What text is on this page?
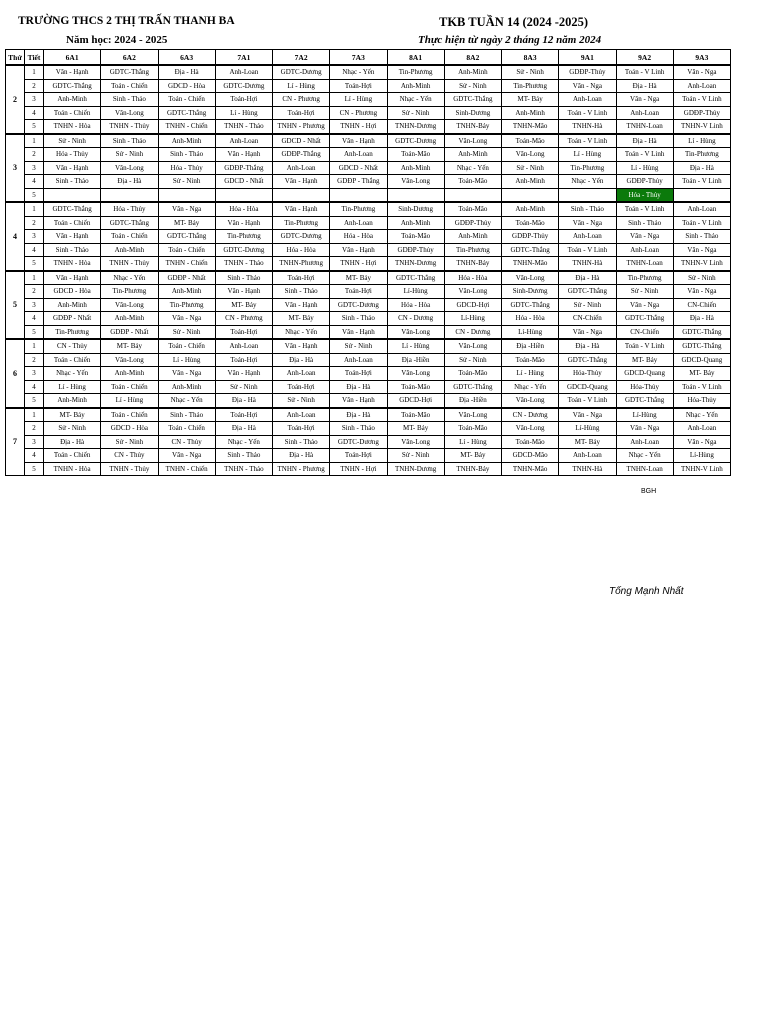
TRƯỜNG THCS 2 THỊ TRẤN THANH BA	TKB TUẦN 14 (2024 -2025)
Năm học: 2024 - 2025	Thực hiện từ ngày 2 tháng 12 năm 2024
Thứ	Tiết	6A1	6A2	6A3	7A1	7A2	7A3	8A1	8A2	8A3	9A1	9A2	9A3
2	1	Văn - Hạnh	GDTC-Thắng	Địa - Hà	Anh-Loan	GDTC-Dương	Nhạc - Yến	Tin-Phương	Anh-Minh	Sử - Ninh	GDĐP-Thủy	Toán - V Linh	Văn - Nga
	2	GDTC-Thắng	Toán - Chiến	GDCD - Hòa	GDTC-Dương	Lí - Hùng	Toán-Hợi	Anh-Minh	Sử - Ninh	Tin-Phương	Văn - Nga	Địa - Hà	Anh-Loan
	3	Anh-Minh	Sinh - Thảo	Toán - Chiến	Toán-Hợi	CN - Phương	Lí - Hùng	Nhạc - Yến	GDTC-Thắng	MT- Bảy	Anh-Loan	Văn - Nga	Toán - V Linh
	4	Toán - Chiến	Văn-Long	GDTC-Thắng	Lí - Hùng	Toán-Hợi	CN - Phương	Sử - Ninh	Sinh-Dương	Anh-Minh	Toán - V Linh	Anh-Loan	GDĐP-Thủy
	5	TNHN - Hòa	TNHN - Thủy	TNHN - Chiến	TNHN - Thảo	TNHN - Phương	TNHN - Hợi	TNHN-Dương	TNHN-Bảy	TNHN-Mão	TNHN-Hà	TNHN-Loan	TNHN-V Linh
3	1	Sử - Ninh	Sinh - Thảo	Anh-Minh	Anh-Loan	GDCD - Nhất	Văn - Hạnh	GDTC-Dương	Văn-Long	Toán-Mão	Toán - V Linh	Địa - Hà	Lí - Hùng
	2	Hóa - Thủy	Sử - Ninh	Sinh - Thảo	Văn - Hạnh	GDĐP-Thắng	Anh-Loan	Toán-Mão	Anh-Minh	Văn-Long	Lí - Hùng	Toán - V Linh	Tin-Phương
	3	Văn - Hạnh	Văn-Long	Hóa - Thủy	GDĐP-Thắng	Anh-Loan	GDCD - Nhất	Anh-Minh	Nhạc - Yến	Sử - Ninh	Tin-Phương	Lí - Hùng	Địa - Hà
	4	Sinh - Thảo	Địa - Hà	Sử - Ninh	GDCD - Nhất	Văn - Hạnh	GDĐP - Thắng	Văn-Long	Toán-Mão	Anh-Minh	Nhạc - Yến	GDĐP-Thủy	Toán - V Linh
	5											Hóa - Thủy	
4	1	GDTC-Thắng	Hóa - Thủy	Văn - Nga	Hóa - Hòa	Văn - Hạnh	Tin-Phương	Sinh-Dương	Toán-Mão	Anh-Minh	Sinh - Thảo	Toán - V Linh	Anh-Loan
	2	Toán - Chiến	GDTC-Thắng	MT- Bảy	Văn - Hạnh	Tin-Phương	Anh-Loan	Anh-Minh	GDĐP-Thủy	Toán-Mão	Văn - Nga	Sinh - Thảo	Toán - V Linh
	3	Văn - Hạnh	Toán - Chiến	GDTC-Thắng	Tin-Phương	GDTC-Dương	Hóa - Hòa	Toán-Mão	Anh-Minh	GDĐP-Thủy	Anh-Loan	Văn - Nga	Sinh - Thảo
	4	Sinh - Thảo	Anh-Minh	Toán - Chiến	GDTC-Dương	Hóa - Hòa	Văn - Hạnh	GDĐP-Thủy	Tin-Phương	GDTC-Thắng	Toán - V Linh	Anh-Loan	Văn - Nga
	5	TNHN - Hòa	TNHN - Thủy	TNHN - Chiến	TNHN - Thảo	TNHN-Phương	TNHN - Hợi	TNHN-Dương	TNHN-Bảy	TNHN-Mão	TNHN-Hà	TNHN-Loan	TNHN-V Linh
5	1	Văn - Hạnh	Nhạc - Yến	GDĐP - Nhất	Sinh - Thảo	Toán-Hợi	MT- Bảy	GDTC-Thắng	Hóa - Hòa	Văn-Long	Địa - Hà	Tin-Phương	Sử - Ninh
	2	GDCD - Hòa	Tin-Phương	Anh-Minh	Văn - Hạnh	Sinh - Thảo	Toán-Hợi	Lí-Hùng	Văn-Long	Sinh-Dương	GDTC-Thắng	Sử - Ninh	Văn - Nga
	3	Anh-Minh	Văn-Long	Tin-Phương	MT- Bảy	Văn - Hạnh	GDTC-Dương	Hóa - Hòa	GDCD-Hợi	GDTC-Thắng	Sử - Ninh	Văn - Nga	CN-Chiến
	4	GDĐP - Nhất	Anh-Minh	Văn - Nga	CN - Phương	MT- Bảy	Sinh - Thảo	CN - Dương	Lí-Hùng	Hóa - Hòa	CN-Chiến	GDTC-Thắng	Địa - Hà
	5	Tin-Phương	GDĐP - Nhất	Sử - Ninh	Toán-Hợi	Nhạc - Yến	Văn - Hạnh	Văn-Long	CN - Dương	Lí-Hùng	Văn - Nga	CN-Chiến	GDTC-Thắng
6	1	CN - Thủy	MT- Bảy	Toán - Chiến	Anh-Loan	Văn - Hạnh	Sử - Ninh	Lí - Hùng	Văn-Long	Địa -Hiền	Địa - Hà	Toán - V Linh	GDTC-Thắng
	2	Toán - Chiến	Văn-Long	Lí - Hùng	Toán-Hợi	Địa - Hà	Anh-Loan	Địa -Hiền	Sử - Ninh	Toán-Mão	GDTC-Thắng	MT- Bảy	GDCD-Quang
	3	Nhạc - Yến	Anh-Minh	Văn - Nga	Văn - Hạnh	Anh-Loan	Toán-Hợi	Văn-Long	Toán-Mão	Lí - Hùng	Hóa-Thủy	GDCD-Quang	MT- Bảy
	4	Lí - Hùng	Toán - Chiến	Anh-Minh	Sử - Ninh	Toán-Hợi	Địa - Hà	Toán-Mão	GDTC-Thắng	Nhạc - Yến	GDCD-Quang	Hóa-Thủy	Toán - V Linh
	5	Anh-Minh	Lí - Hùng	Nhạc - Yến	Địa - Hà	Sử - Ninh	Văn - Hạnh	GDCD-Hợi	Địa -Hiền	Văn-Long	Toán - V Linh	GDTC-Thắng	Hóa-Thủy
7	1	MT- Bảy	Toán - Chiến	Sinh - Thảo	Toán-Hợi	Anh-Loan	Địa - Hà	Toán-Mão	Văn-Long	CN - Dương	Văn - Nga	Lí-Hùng	Nhạc - Yến
	2	Sử - Ninh	GDCD - Hòa	Toán - Chiến	Địa - Hà	Toán-Hợi	Sinh - Thảo	MT- Bảy	Toán-Mão	Văn-Long	Lí-Hùng	Văn - Nga	Anh-Loan
	3	Địa - Hà	Sử - Ninh	CN - Thủy	Nhạc - Yến	Sinh - Thảo	GDTC-Dương	Văn-Long	Lí - Hùng	Toán-Mão	MT- Bảy	Anh-Loan	Văn - Nga
	4	Toán - Chiến	CN - Thủy	Văn - Nga	Sinh - Thảo	Địa - Hà	Toán-Hợi	Sử - Ninh	MT- Bảy	GDCD-Mão	Anh-Loan	Nhạc - Yến	Lí-Hùng
	5	TNHN - Hòa	TNHN - Thủy	TNHN - Chiến	TNHN - Thảo	TNHN - Phương	TNHN - Hợi	TNHN-Dương	TNHN-Bảy	TNHN-Mão	TNHN-Hà	TNHN-Loan	TNHN-V Linh
BGH
Tống Mạnh Nhất
